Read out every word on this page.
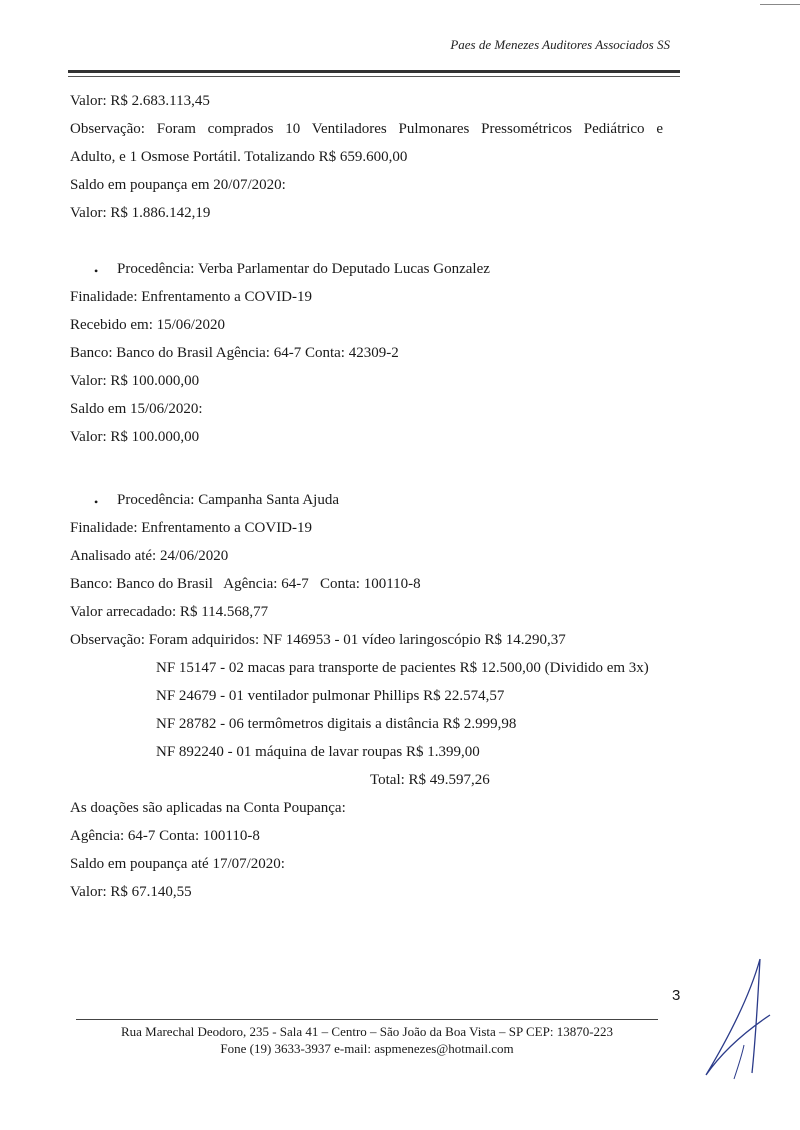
Paes de Menezes Auditores Associados SS
Valor: R$ 2.683.113,45
Observação: Foram comprados 10 Ventiladores Pulmonares Pressométricos Pediátrico e
Adulto, e 1 Osmose Portátil. Totalizando R$ 659.600,00
Saldo em poupança em 20/07/2020:
Valor: R$ 1.886.142,19
• Procedência: Verba Parlamentar do Deputado Lucas Gonzalez
Finalidade: Enfrentamento a COVID-19
Recebido em: 15/06/2020
Banco: Banco do Brasil Agência: 64-7 Conta: 42309-2
Valor: R$ 100.000,00
Saldo em 15/06/2020:
Valor: R$ 100.000,00
• Procedência: Campanha Santa Ajuda
Finalidade: Enfrentamento a COVID-19
Analisado até: 24/06/2020
Banco: Banco do Brasil   Agência: 64-7   Conta: 100110-8
Valor arrecadado: R$ 114.568,77
Observação: Foram adquiridos: NF 146953 - 01 vídeo laringoscópio R$ 14.290,37
NF 15147 - 02 macas para transporte de pacientes R$ 12.500,00 (Dividido em 3x)
NF 24679 - 01 ventilador pulmonar Phillips R$ 22.574,57
NF 28782 - 06 termômetros digitais a distância R$ 2.999,98
NF 892240 - 01 máquina de lavar roupas R$ 1.399,00
Total: R$ 49.597,26
As doações são aplicadas na Conta Poupança:
Agência: 64-7 Conta: 100110-8
Saldo em poupança até 17/07/2020:
Valor: R$ 67.140,55
3
Rua Marechal Deodoro, 235 - Sala 41 – Centro – São João da Boa Vista – SP CEP: 13870-223
Fone (19) 3633-3937 e-mail: aspmenezes@hotmail.com
